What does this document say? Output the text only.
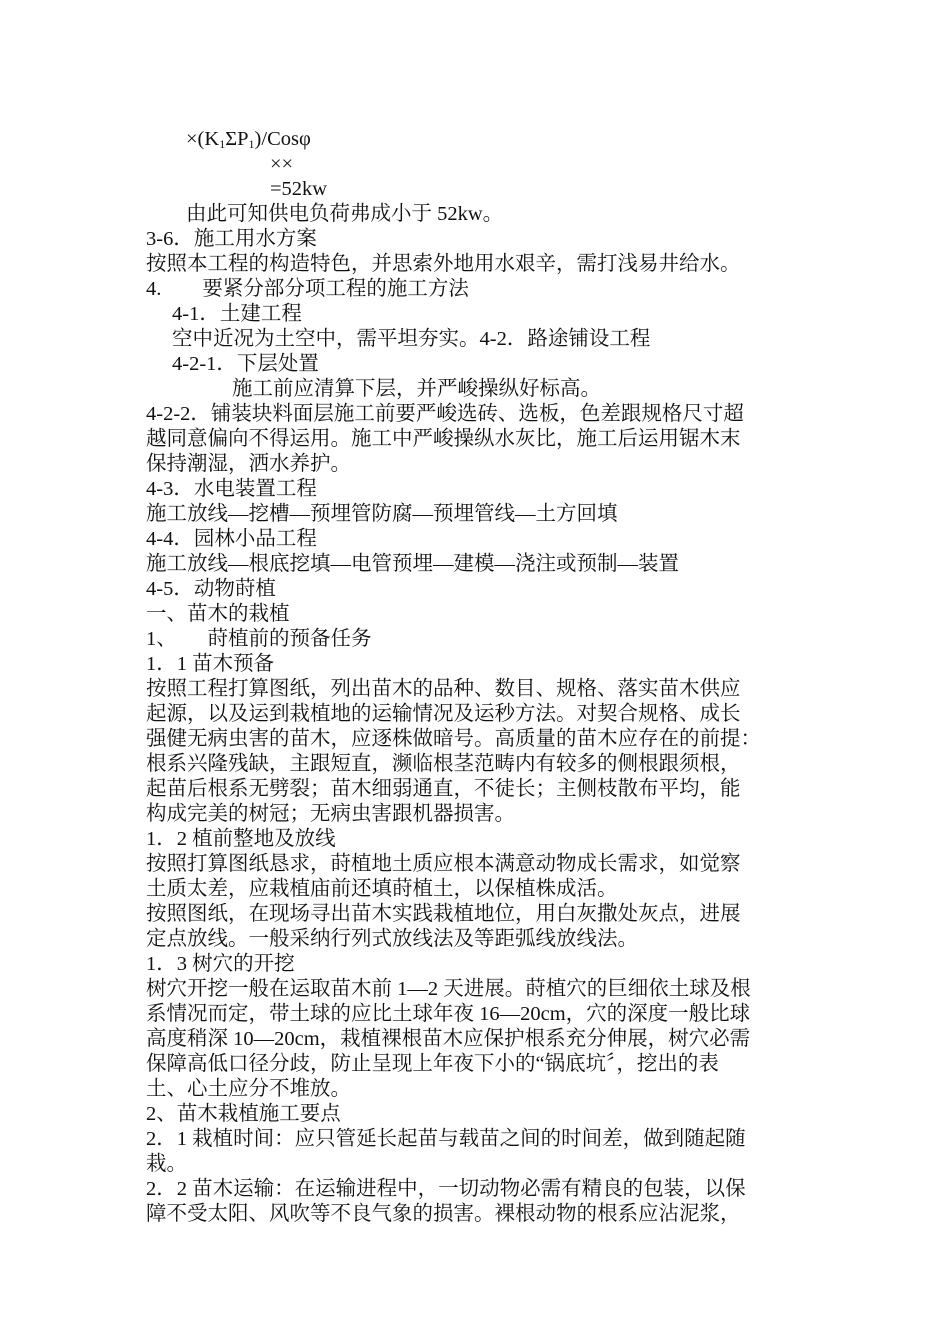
$\times(K_1\Sigma P_1)$/Cosφ
××
=52kw
由此可知供电负荷弗成小于 52kw。
3-6．施工用水方案
按照本工程的构造特色，并思索外地用水艰辛，需打浅易井给水。
4.　　要紧分部分项工程的施工方法
4-1．土建工程
空中近况为土空中，需平坦夯实。4-2．路途铺设工程
4-2-1．下层处置
施工前应清算下层，并严峻操纵好标高。
4-2-2．铺装块料面层施工前要严峻选砖、选板，色差跟规格尺寸超
越同意偏向不得运用。施工中严峻操纵水灰比，施工后运用锯木末
保持潮湿，洒水养护。
4-3．水电装置工程
施工放线—挖槽—预埋管防腐—预埋管线—土方回填
4-4．园林小品工程
施工放线—根底挖填—电管预埋—建模—浇注或预制—装置
4-5．动物莳植
一、苗木的栽植
1、　　莳植前的预备任务
1．1 苗木预备
按照工程打算图纸，列出苗木的品种、数目、规格、落实苗木供应
起源，以及运到栽植地的运输情况及运秒方法。对契合规格、成长
强健无病虫害的苗木，应逐株做暗号。高质量的苗木应存在的前提：
根系兴隆残缺，主跟短直，濒临根茎范畴内有较多的侧根跟须根，
起苗后根系无劈裂；苗木细弱通直，不徒长；主侧枝散布平均，能
构成完美的树冠；无病虫害跟机器损害。
1．2 植前整地及放线
按照打算图纸恳求，莳植地土质应根本满意动物成长需求，如觉察
土质太差，应栽植庙前还填莳植土，以保植株成活。
按照图纸，在现场寻出苗木实践栽植地位，用白灰撒处灰点，进展
定点放线。一般采纳行列式放线法及等距弧线放线法。
1．3 树穴的开挖
树穴开挖一般在运取苗木前 1—2 天进展。莳植穴的巨细依土球及根
系情况而定，带土球的应比土球年夜 16—20cm，穴的深度一般比球
高度稍深 10—20cm，栽植裸根苗木应保护根系充分伸展，树穴必需
保障高低口径分歧，防止呈现上年夜下小的“锅底坑〞，挖出的表
土、心土应分不堆放。
2、苗木栽植施工要点
2．1 栽植时间：应只管延长起苗与载苗之间的时间差，做到随起随
栽。
2．2 苗木运输：在运输进程中，一切动物必需有精良的包装，以保
障不受太阳、风吹等不良气象的损害。裸根动物的根系应沾泥浆，
